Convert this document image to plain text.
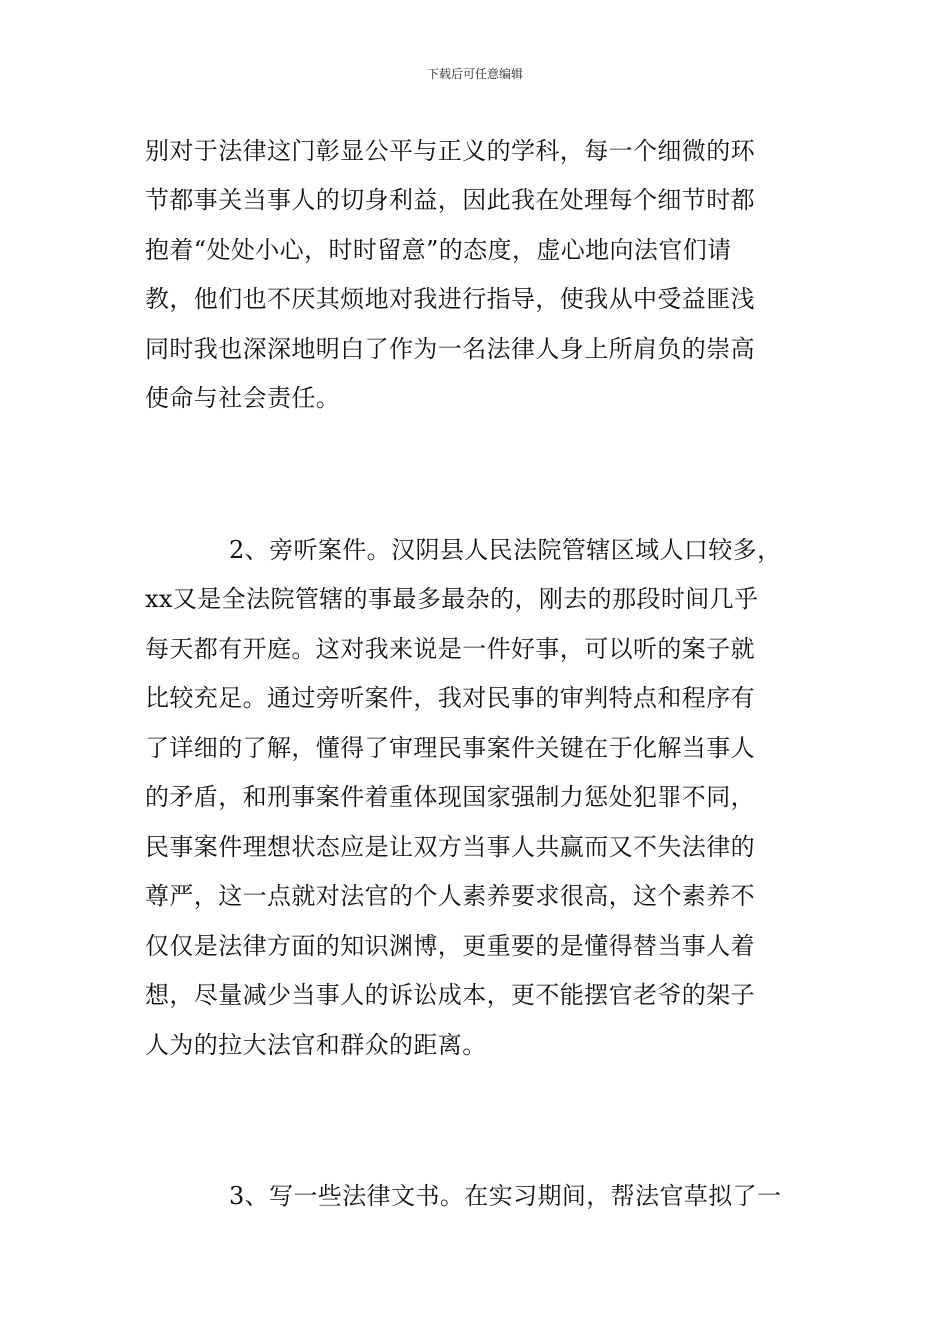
下载后可任意编辑
别对于法律这门彰显公平与正义的学科，每一个细微的环
节都事关当事人的切身利益，因此我在处理每个细节时都
抱着“处处小心，时时留意”的态度，虚心地向法官们请
教，他们也不厌其烦地对我进行指导，使我从中受益匪浅
同时我也深深地明白了作为一名法律人身上所肩负的崇高
使命与社会责任。
2、旁听案件。汉阴县人民法院管辖区域人口较多，
xx又是全法院管辖的事最多最杂的，刚去的那段时间几乎
每天都有开庭。这对我来说是一件好事，可以听的案子就
比较充足。通过旁听案件，我对民事的审判特点和程序有
了详细的了解，懂得了审理民事案件关键在于化解当事人
的矛盾，和刑事案件着重体现国家强制力惩处犯罪不同，
民事案件理想状态应是让双方当事人共赢而又不失法律的
尊严，这一点就对法官的个人素养要求很高，这个素养不
仅仅是法律方面的知识渊博，更重要的是懂得替当事人着
想，尽量减少当事人的诉讼成本，更不能摆官老爷的架子
人为的拉大法官和群众的距离。
3、写一些法律文书。在实习期间，帮法官草拟了一
